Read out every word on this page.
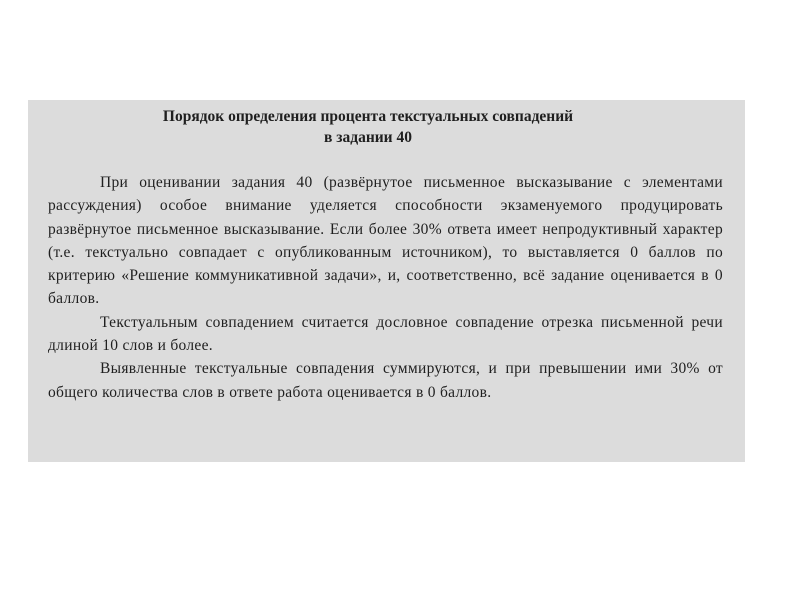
Порядок определения процента текстуальных совпадений
в задании 40

При оценивании задания 40 (развёрнутое письменное высказывание с элементами рассуждения) особое внимание уделяется способности экзаменуемого продуцировать развёрнутое письменное высказывание. Если более 30% ответа имеет непродуктивный характер (т.е. текстуально совпадает с опубликованным источником), то выставляется 0 баллов по критерию «Решение коммуникативной задачи», и, соответственно, всё задание оценивается в 0 баллов.

Текстуальным совпадением считается дословное совпадение отрезка письменной речи длиной 10 слов и более.

Выявленные текстуальные совпадения суммируются, и при превышении ими 30% от общего количества слов в ответе работа оценивается в 0 баллов.
